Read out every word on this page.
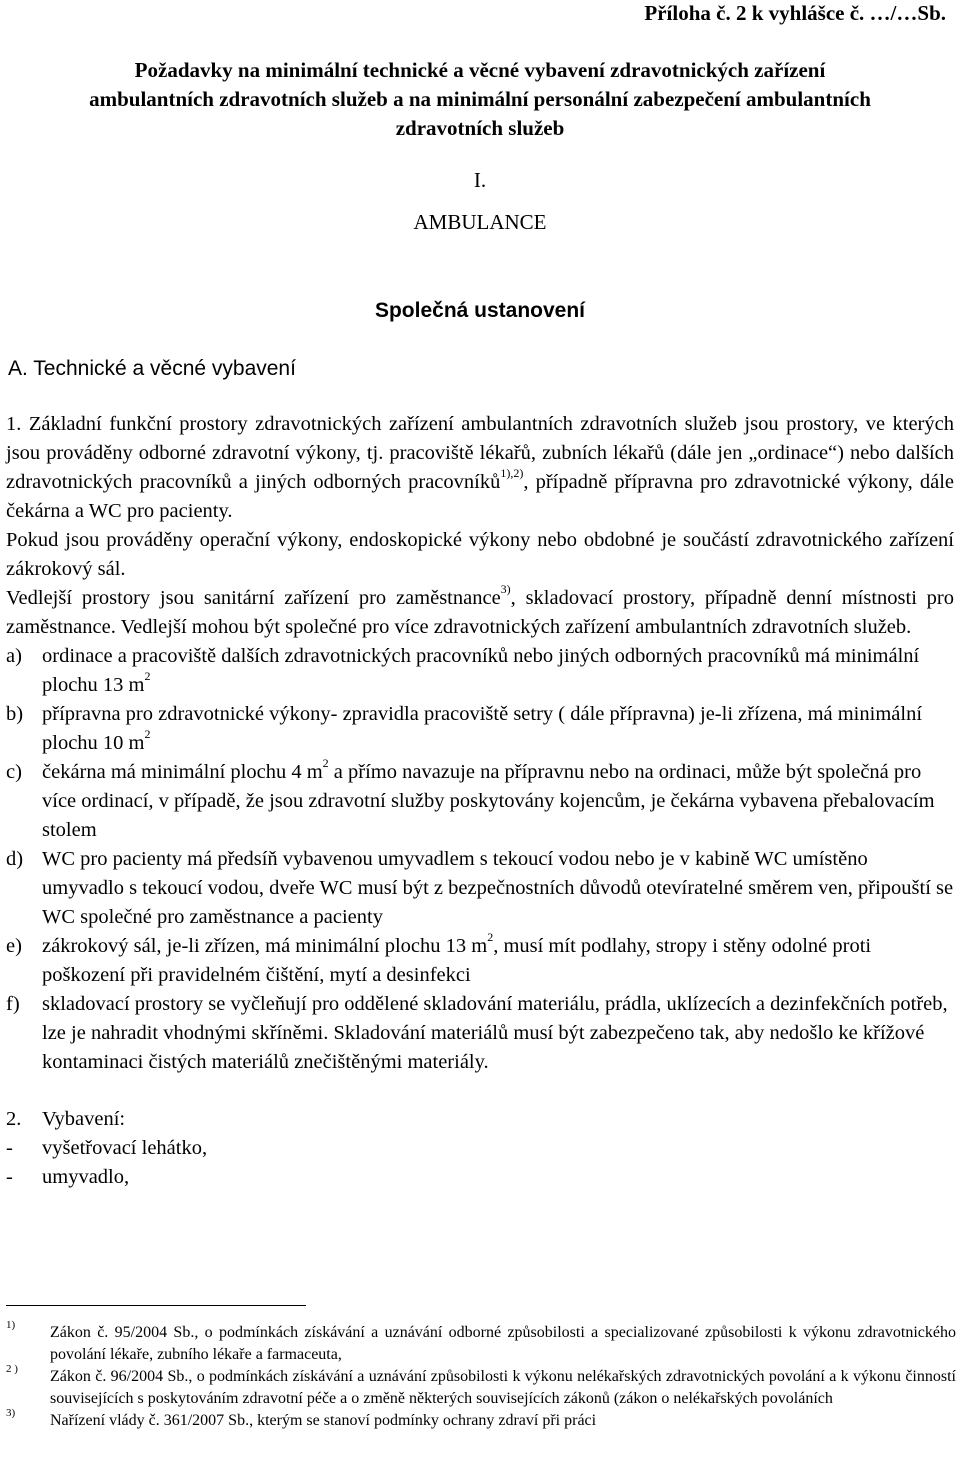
Příloha č. 2 k vyhlášce č. …/…Sb.
Požadavky na minimální technické a věcné vybavení zdravotnických zařízení
ambulantních zdravotních služeb a na minimální personální zabezpečení ambulantních
zdravotních služeb
I.
AMBULANCE
Společná ustanovení
A. Technické a věcné vybavení

1. Základní funkční prostory zdravotnických zařízení ambulantních zdravotních služeb jsou prostory, ve kterých jsou prováděny odborné zdravotní výkony, tj. pracoviště lékařů, zubních lékařů (dále jen „ordinace“) nebo dalších zdravotnických pracovníků a jiných odborných pracovníků$^{1),2)}$, případně přípravna pro zdravotnické výkony, dále čekárna a WC pro pacienty.

Pokud jsou prováděny operační výkony, endoskopické výkony nebo obdobné je součástí zdravotnického zařízení zákrokový sál.

Vedlejší prostory jsou sanitární zařízení pro zaměstnance$^{3)}$, skladovací prostory, případně denní místnosti pro zaměstnance. Vedlejší mohou být společné pro více zdravotnických zařízení ambulantních zdravotních služeb.

a) ordinace a pracoviště dalších zdravotnických pracovníků nebo jiných odborných pracovníků má minimální plochu 13 $m^2$
b) přípravna pro zdravotnické výkony- zpravidla pracoviště setry ( dále přípravna) je-li zřízena, má minimální plochu 10 $m^2$
c) čekárna má minimální plochu 4 $m^2$ a přímo navazuje na přípravnu nebo na ordinaci, může být společná pro více ordinací, v případě, že jsou zdravotní služby poskytovány kojencům, je čekárna vybavena přebalovacím stolem
d) WC pro pacienty má předsíň vybavenou umyvadlem s tekoucí vodou nebo je v kabině WC umístěno umyvadlo s tekoucí vodou, dveře WC musí být z bezpečnostních důvodů otevíratelné směrem ven, připouští se WC společné pro zaměstnance a pacienty
e) zákrokový sál, je-li zřízen, má minimální plochu 13 $m^2$, musí mít podlahy, stropy i stěny odolné proti poškození při pravidelném čištění, mytí a desinfekci
f)	skladovací prostory se vyčleňují pro oddělené skladování materiálu, prádla, uklízecích a dezinfekčních potřeb, lze je nahradit vhodnými skříněmi. Skladování materiálů musí být zabezpečeno tak, aby nedošlo ke křížové kontaminaci čistých materiálů znečištěnými materiály.
2.	Vybavení:
-	vyšetřovací lehátko,
-	umyvadlo,
$^{1)}$	Zákon č. 95/2004 Sb., o podmínkách získávání a uznávání odborné způsobilosti a specializované způsobilosti k výkonu zdravotnického povolání lékaře, zubního lékaře a farmaceuta,
$^{2 )}$	Zákon č. 96/2004 Sb., o podmínkách získávání a uznávání způsobilosti k výkonu nelékařských zdravotnických povolání a k výkonu činností souvisejících s poskytováním zdravotní péče a o změně některých souvisejících zákonů (zákon o nelékařských povoláních
$^{3)}$	Nařízení vlády č. 361/2007 Sb., kterým se stanoví podmínky ochrany zdraví při práci
